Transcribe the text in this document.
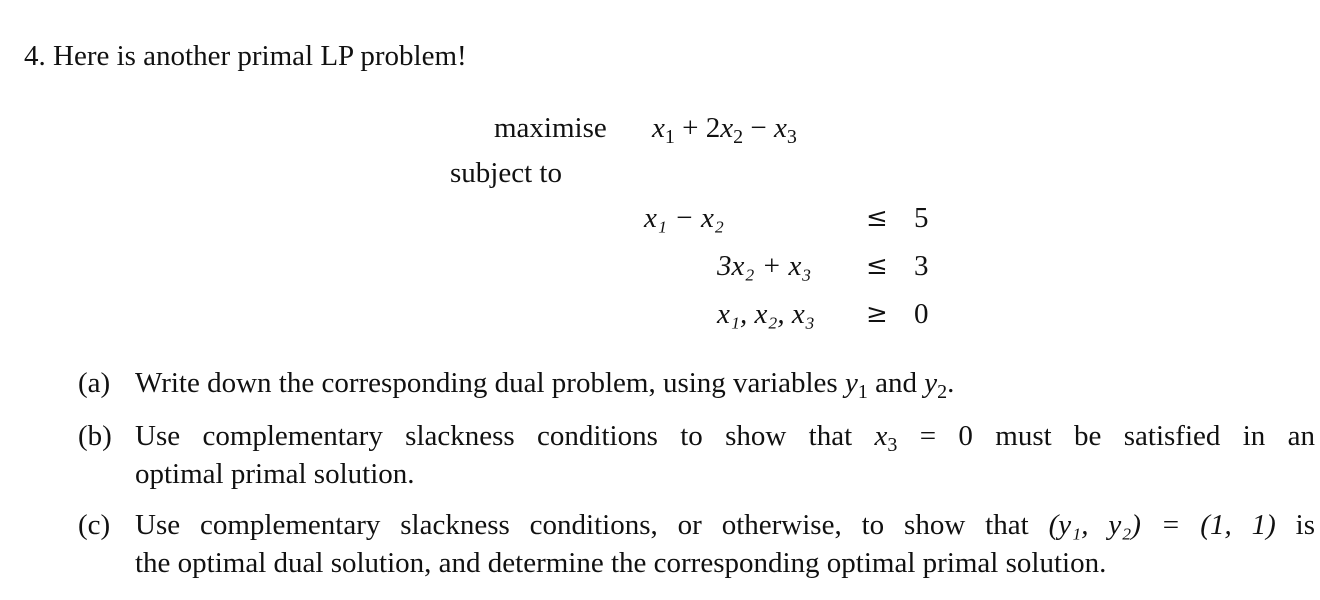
4. Here is another primal LP problem!
maximise $x_1 + 2x_2 - x_3$
subject to
x₁ − x₂	≤ 5
3x₂ + x₃ ≤ 3
x₁, x₂, x₃ ≥ 0
(a) Write down the corresponding dual problem, using variables $y_1$ and $y_2$.
(b) Use complementary slackness conditions to show that $x_3 = 0$ must be satisfied in an
optimal primal solution.
(c) Use complementary slackness conditions, or otherwise, to show that (y₁, y₂) = (1, 1) is
the optimal dual solution, and determine the corresponding optimal primal solution.
